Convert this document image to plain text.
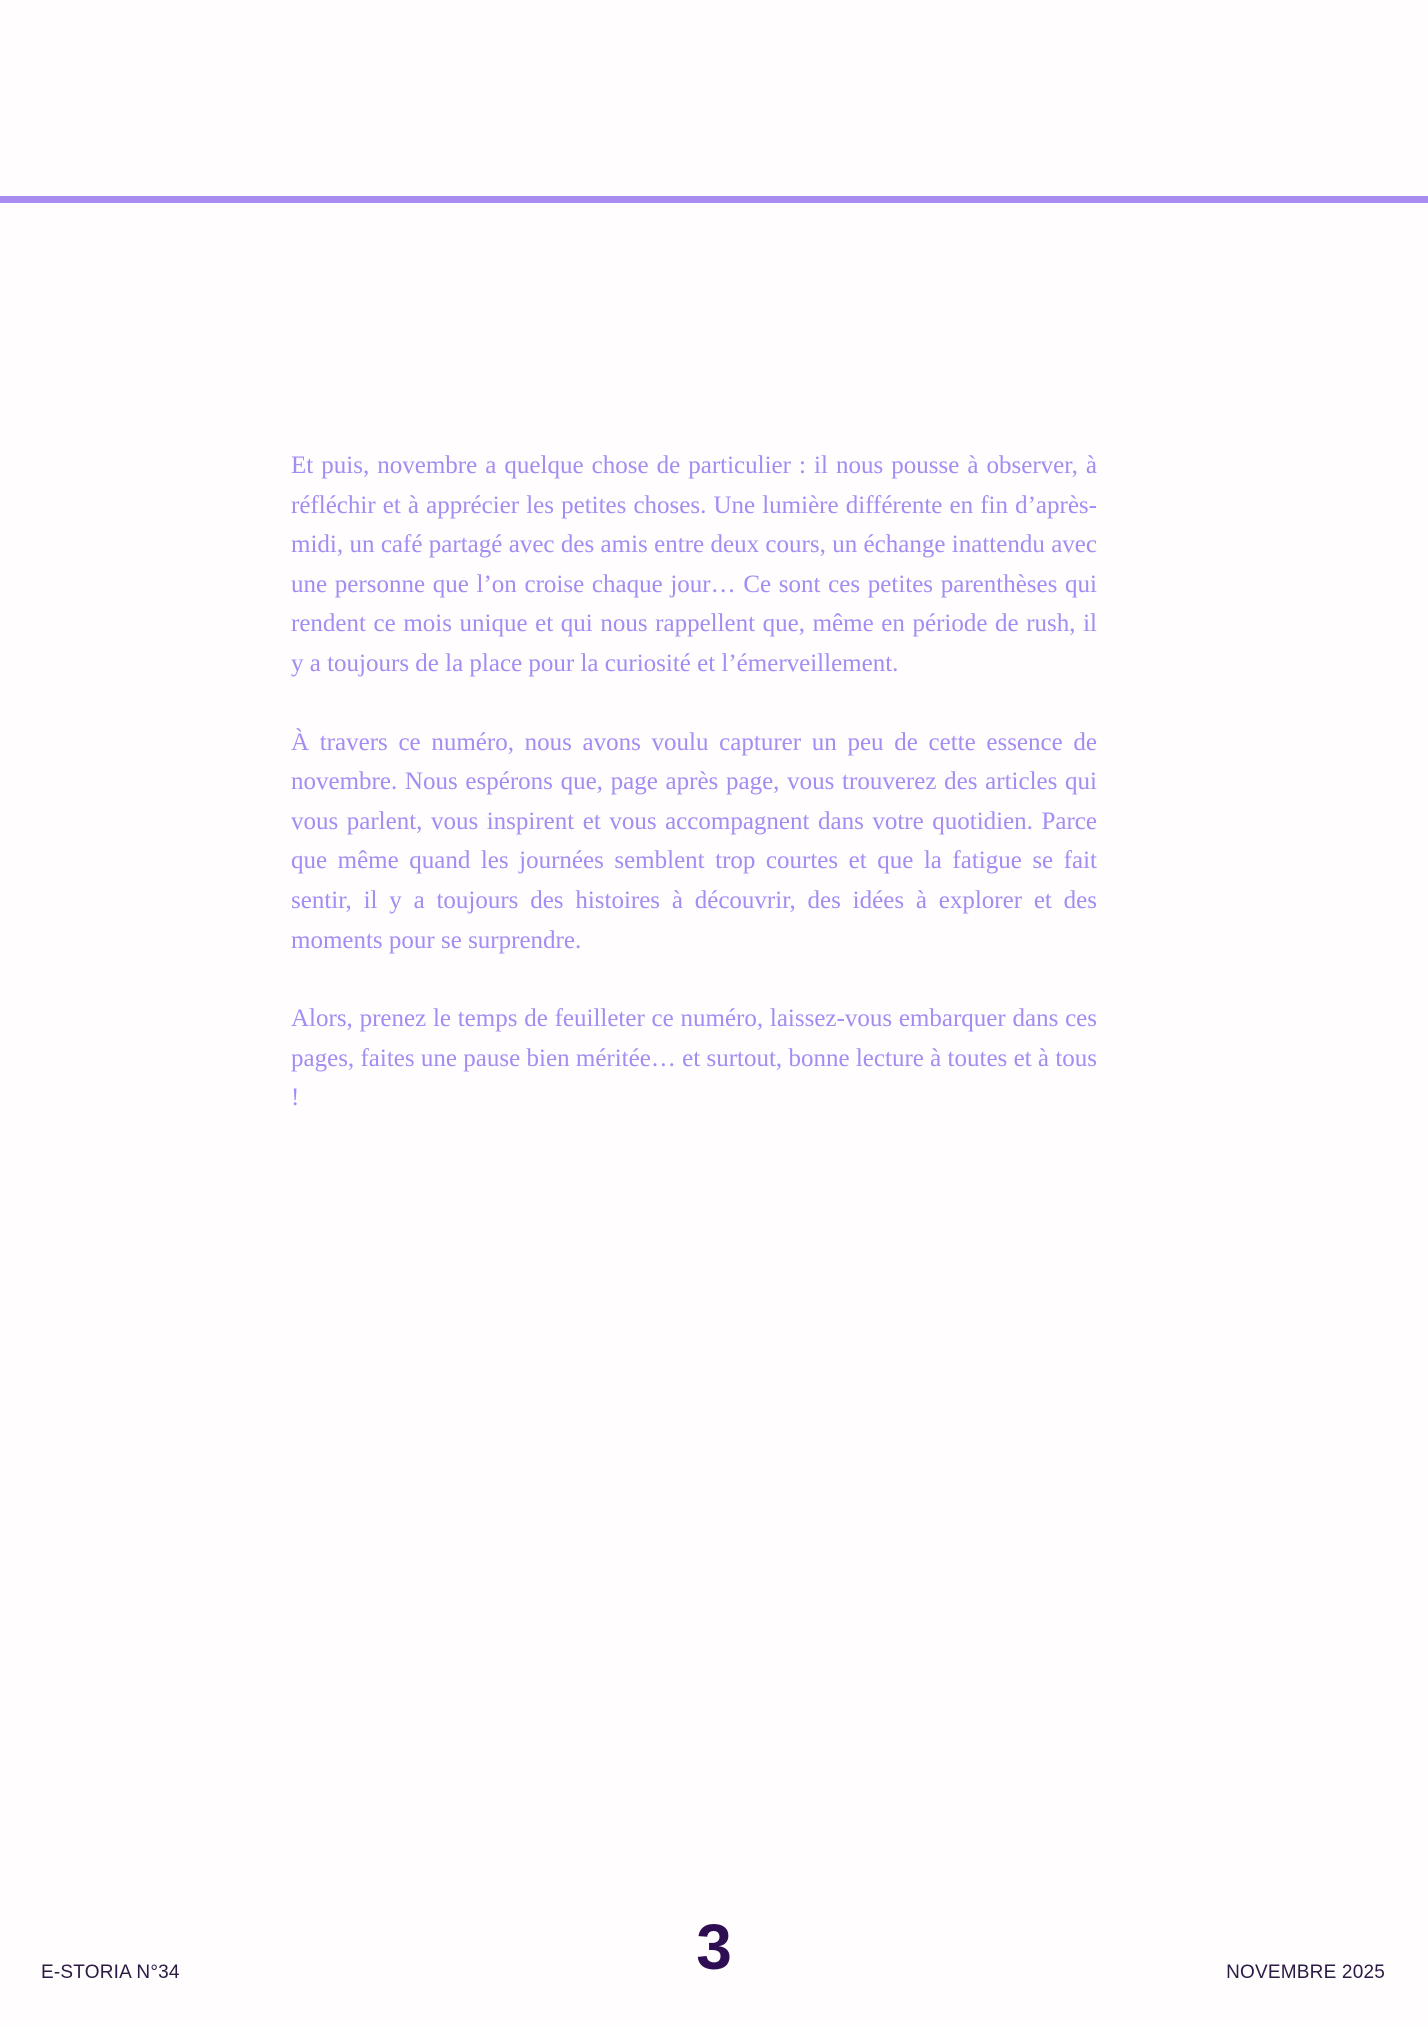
Et puis, novembre a quelque chose de particulier : il nous pousse à observer, à réfléchir et à apprécier les petites choses. Une lumière différente en fin d’après-midi, un café partagé avec des amis entre deux cours, un échange inattendu avec une personne que l’on croise chaque jour… Ce sont ces petites parenthèses qui rendent ce mois unique et qui nous rappellent que, même en période de rush, il y a toujours de la place pour la curiosité et l’émerveillement.

À travers ce numéro, nous avons voulu capturer un peu de cette essence de novembre. Nous espérons que, page après page, vous trouverez des articles qui vous parlent, vous inspirent et vous accompagnent dans votre quotidien. Parce que même quand les journées semblent trop courtes et que la fatigue se fait sentir, il y a toujours des histoires à découvrir, des idées à explorer et des moments pour se surprendre.

Alors, prenez le temps de feuilleter ce numéro, laissez-vous embarquer dans ces pages, faites une pause bien méritée… et surtout, bonne lecture à toutes et à tous !

E-STORIA N°34	3	NOVEMBRE 2025
